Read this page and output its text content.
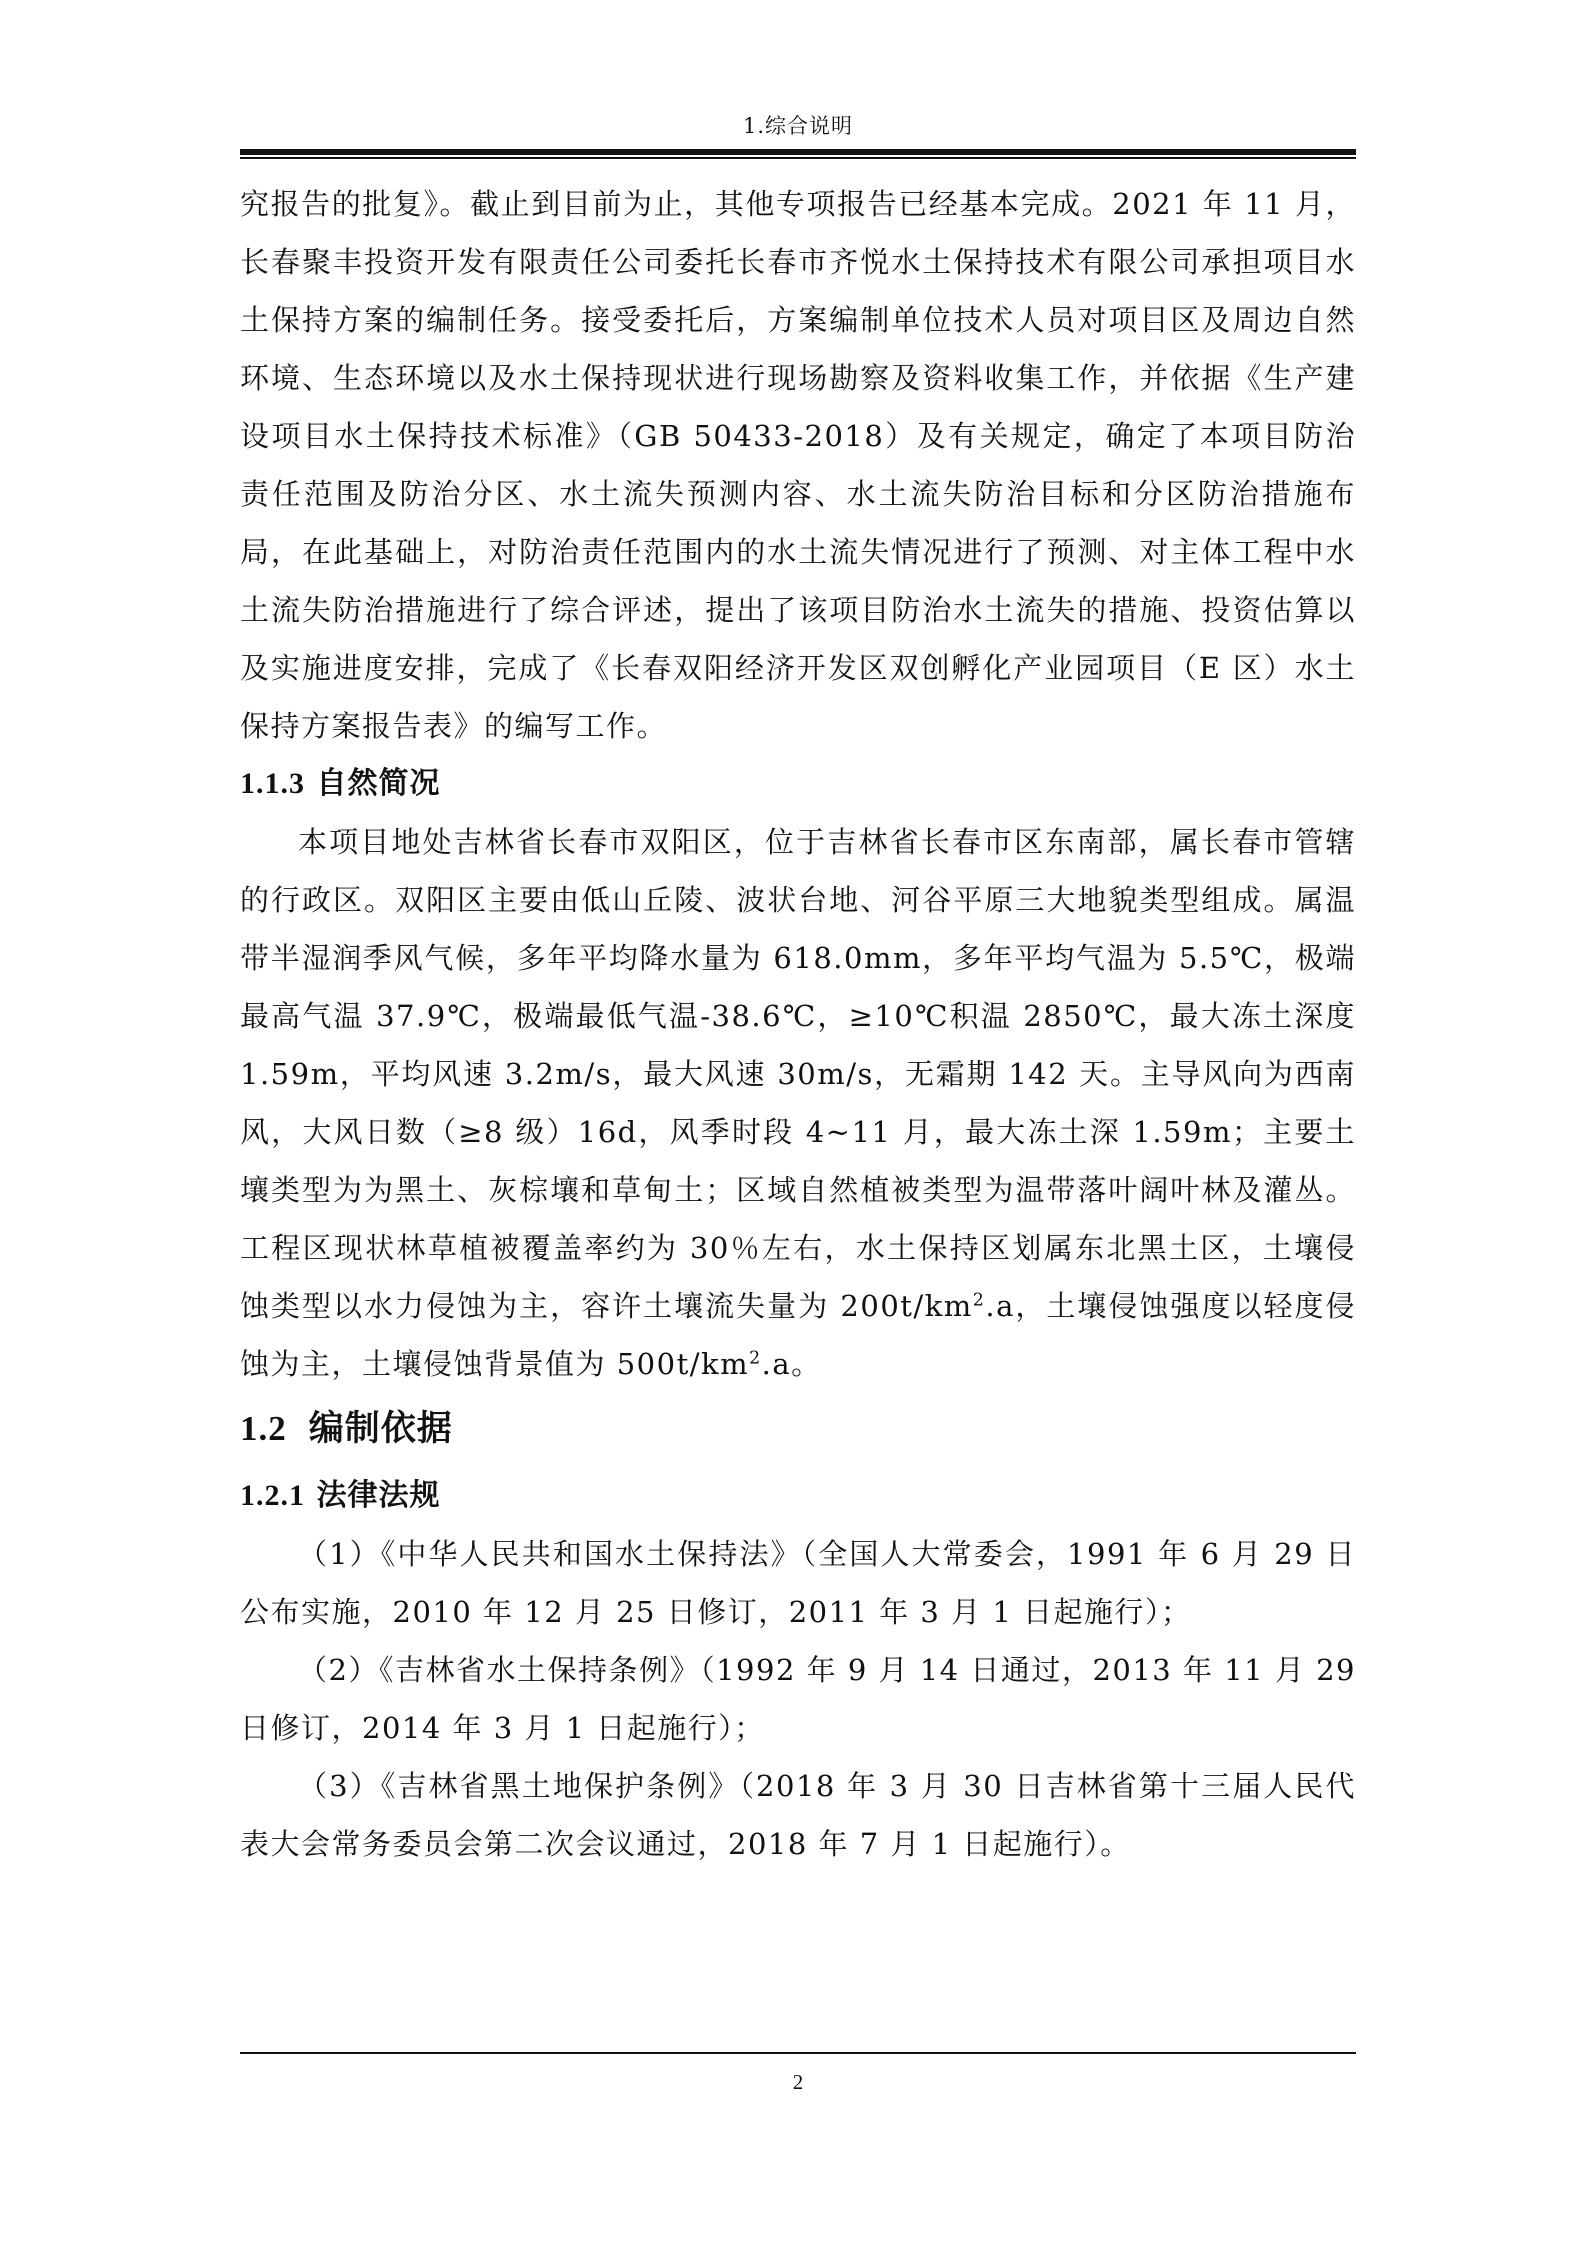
1.综合说明

究报告的批复》。截止到目前为止，其他专项报告已经基本完成。2021 年 11 月，长春聚丰投资开发有限责任公司委托长春市齐悦水土保持技术有限公司承担项目水土保持方案的编制任务。接受委托后，方案编制单位技术人员对项目区及周边自然环境、生态环境以及水土保持现状进行现场勘察及资料收集工作，并依据《生产建设项目水土保持技术标准》（GB 50433-2018）及有关规定，确定了本项目防治责任范围及防治分区、水土流失预测内容、水土流失防治目标和分区防治措施布局，在此基础上，对防治责任范围内的水土流失情况进行了预测、对主体工程中水土流失防治措施进行了综合评述，提出了该项目防治水土流失的措施、投资估算以及实施进度安排，完成了《长春双阳经济开发区双创孵化产业园项目（E 区）水土保持方案报告表》的编写工作。

1.1.3 自然简况

本项目地处吉林省长春市双阳区，位于吉林省长春市区东南部，属长春市管辖的行政区。双阳区主要由低山丘陵、波状台地、河谷平原三大地貌类型组成。属温带半湿润季风气候，多年平均降水量为 618.0mm，多年平均气温为 5.5℃，极端最高气温 37.9℃，极端最低气温-38.6℃，≥10℃积温 2850℃，最大冻土深度 1.59m，平均风速 3.2m/s，最大风速 30m/s，无霜期 142 天。主导风向为西南风，大风日数（≥8 级）16d，风季时段 4~11 月，最大冻土深 1.59m；主要土壤类型为为黑土、灰棕壤和草甸土；区域自然植被类型为温带落叶阔叶林及灌丛。工程区现状林草植被覆盖率约为 30％左右，水土保持区划属东北黑土区，土壤侵蚀类型以水力侵蚀为主，容许土壤流失量为 $200t/km^2.a$，土壤侵蚀强度以轻度侵蚀为主，土壤侵蚀背景值为 $500t/km^2.a$。

1.2 编制依据
1.2.1 法律法规

（1）《中华人民共和国水土保持法》（全国人大常委会，1991 年 6 月 29 日公布实施，2010 年 12 月 25 日修订，2011 年 3 月 1 日起施行）；

（2）《吉林省水土保持条例》（1992 年 9 月 14 日通过，2013 年 11 月 29 日修订，2014 年 3 月 1 日起施行）；

（3）《吉林省黑土地保护条例》（2018 年 3 月 30 日吉林省第十三届人民代表大会常务委员会第二次会议通过，2018 年 7 月 1 日起施行）。

2
